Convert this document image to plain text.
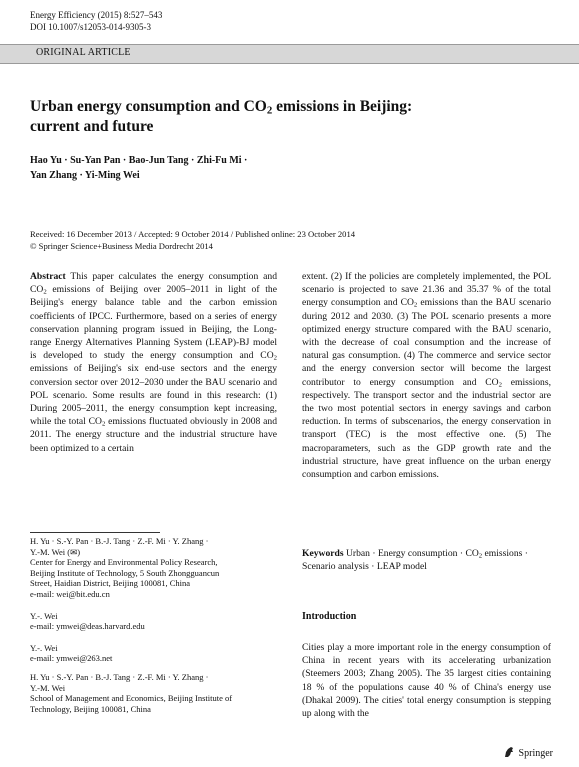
Energy Efficiency (2015) 8:527–543
DOI 10.1007/s12053-014-9305-3
ORIGINAL ARTICLE
Urban energy consumption and $CO_2$ emissions in Beijing:
current and future
Hao Yu · Su-Yan Pan · Bao-Jun Tang · Zhi-Fu Mi ·
Yan Zhang · Yi-Ming Wei
Received: 16 December 2013 / Accepted: 9 October 2014 / Published online: 23 October 2014
© Springer Science+Business Media Dordrecht 2014

Abstract This paper calculates the energy consumption and $CO_2$ emissions of Beijing over 2005–2011 in light of the Beijing's energy balance table and the carbon emission coefficients of IPCC. Furthermore, based on a series of energy conservation planning program issued in Beijing, the Long-range Energy Alternatives Planning System (LEAP)-BJ model is developed to study the energy consumption and $CO_2$ emissions of Beijing's six end-use sectors and the energy conversion sector over 2012–2030 under the BAU scenario and POL scenario. Some results are found in this research: (1) During 2005–2011, the energy consumption kept increasing, while the total $CO_2$ emissions fluctuated obviously in 2008 and 2011. The energy structure and the industrial structure have been optimized to a certain

H. Yu · S.-Y. Pan · B.-J. Tang · Z.-F. Mi · Y. Zhang ·

Y.-M. Wei (✉)

Center for Energy and Environmental Policy Research,

Beijing Institute of Technology, 5 South Zhongguancun

Street, Haidian District, Beijing 100081, China

e-mail: wei@bit.edu.cn

Y.-. Wei

e-mail: ymwei@deas.harvard.edu

Y.-. Wei

e-mail: ymwei@263.net

H. Yu · S.-Y. Pan · B.-J. Tang · Z.-F. Mi · Y. Zhang ·

Y.-M. Wei

School of Management and Economics, Beijing Institute of

Technology, Beijing 100081, China

extent. (2) If the policies are completely implemented, the POL scenario is projected to save 21.36 and 35.37 % of the total energy consumption and $CO_2$ emissions than the BAU scenario during 2012 and 2030. (3) The POL scenario presents a more optimized energy structure compared with the BAU scenario, with the decrease of coal consumption and the increase of natural gas consumption. (4) The commerce and service sector and the energy conversion sector will become the largest contributor to energy consumption and $CO_2$ emissions, respectively. The transport sector and the industrial sector are the two most potential sectors in energy savings and carbon reduction. In terms of subscenarios, the energy conservation in transport (TEC) is the most effective one. (5) The macroparameters, such as the GDP growth rate and the industrial structure, have great influence on the urban energy consumption and carbon emissions.

Keywords Urban · Energy consumption · $CO_2$ emissions ·
Scenario analysis · LEAP model
Introduction

Cities play a more important role in the energy consumption of China in recent years with its accelerating urbanization (Steemers 2003; Zhang 2005). The 35 largest cities containing 18 % of the populations cause 40 % of China's energy use (Dhakal 2009). The cities' total energy consumption is stepping up along with the

Springer
